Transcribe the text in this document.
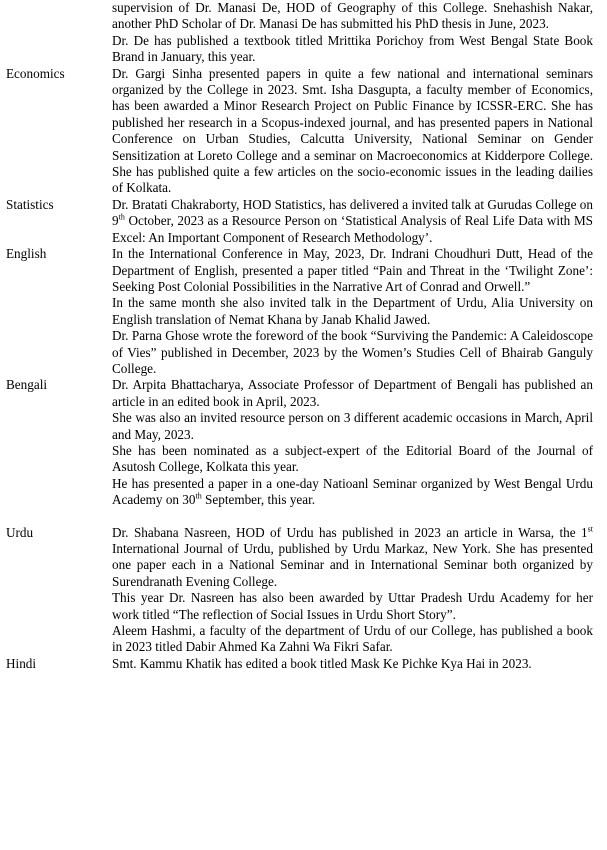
supervision of Dr. Manasi De, HOD of Geography of this College. Snehashish Nakar, another PhD Scholar of Dr. Manasi De has submitted his PhD thesis in June, 2023.

Dr. De has published a textbook titled Mrittika Porichoy from West Bengal State Book Brand in January, this year.

Economics	Dr. Gargi Sinha presented papers in quite a few national and international seminars organized by the College in 2023. Smt. Isha Dasgupta, a faculty member of Economics, has been awarded a Minor Research Project on Public Finance by ICSSR-ERC. She has published her research in a Scopus-indexed journal, and has presented papers in National Conference on Urban Studies, Calcutta University, National Seminar on Gender Sensitization at Loreto College and a seminar on Macroeconomics at Kidderpore College. She has published quite a few articles on the socio-economic issues in the leading dailies of Kolkata.

Statistics	Dr. Bratati Chakraborty, HOD Statistics, has delivered a invited talk at Gurudas College on 9th October, 2023 as a Resource Person on ‘Statistical Analysis of Real Life Data with MS Excel: An Important Component of Research Methodology’.

English	In the International Conference in May, 2023, Dr. Indrani Choudhuri Dutt, Head of the Department of English, presented a paper titled “Pain and Threat in the ‘Twilight Zone’: Seeking Post Colonial Possibilities in the Narrative Art of Conrad and Orwell.”

In the same month she also invited talk in the Department of Urdu, Alia University on English translation of Nemat Khana by Janab Khalid Jawed.

Dr. Parna Ghose wrote the foreword of the book “Surviving the Pandemic: A Caleidoscope of Vies” published in December, 2023 by the Women’s Studies Cell of Bhairab Ganguly College.

Bengali	Dr. Arpita Bhattacharya, Associate Professor of Department of Bengali has published an article in an edited book in April, 2023.

She was also an invited resource person on 3 different academic occasions in March, April and May, 2023.

She has been nominated as a subject-expert of the Editorial Board of the Journal of Asutosh College, Kolkata this year.

He has presented a paper in a one-day Natioanl Seminar organized by West Bengal Urdu Academy on 30th September, this year.

Urdu	Dr. Shabana Nasreen, HOD of Urdu has published in 2023 an article in Warsa, the 1st International Journal of Urdu, published by Urdu Markaz, New York. She has presented one paper each in a National Seminar and in International Seminar both organized by Surendranath Evening College.

This year Dr. Nasreen has also been awarded by Uttar Pradesh Urdu Academy for her work titled “The reflection of Social Issues in Urdu Short Story”.

Aleem Hashmi, a faculty of the department of Urdu of our College, has published a book in 2023 titled Dabir Ahmed Ka Zahni Wa Fikri Safar.

Hindi	Smt. Kammu Khatik has edited a book titled Mask Ke Pichke Kya Hai in 2023.
